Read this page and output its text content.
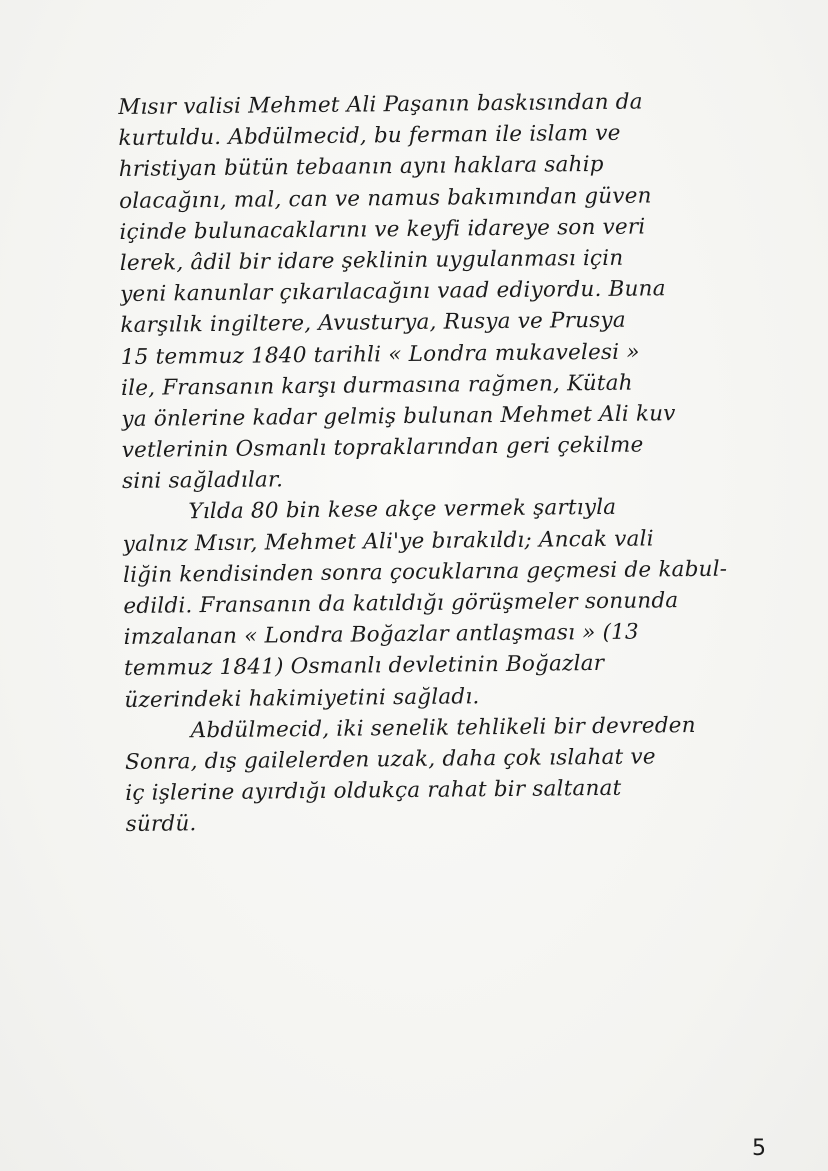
Mısır valisi Mehmet Ali Paşanın baskısından da
kurtuldu. Abdülmecid, bu ferman ile islam ve
hristiyan bütün tebaanın aynı haklara sahip
olacağını, mal, can ve namus bakımından güven
içinde bulunacaklarını ve keyfi idareye son veri
lerek, âdil bir idare şeklinin uygulanması için
yeni kanunlar çıkarılacağını vaad ediyordu. Buna
karşılık ingiltere, Avusturya, Rusya ve Prusya
15 temmuz 1840 tarihli « Londra mukavelesi »
ile, Fransanın karşı durmasına rağmen, Kütah
ya önlerine kadar gelmiş bulunan Mehmet Ali kuv
vetlerinin Osmanlı topraklarından geri çekilme
sini sağladılar.
Yılda 80 bin kese akçe vermek şartıyla
yalnız Mısır, Mehmet Ali'ye bırakıldı; Ancak vali
liğin kendisinden sonra çocuklarına geçmesi de kabul-
edildi. Fransanın da katıldığı görüşmeler sonunda
imzalanan « Londra Boğazlar antlaşması » (13
temmuz 1841) Osmanlı devletinin Boğazlar
üzerindeki hakimiyetini sağladı.
Abdülmecid, iki senelik tehlikeli bir devreden
Sonra, dış gailelerden uzak, daha çok ıslahat ve
iç işlerine ayırdığı oldukça rahat bir saltanat
sürdü.
5
